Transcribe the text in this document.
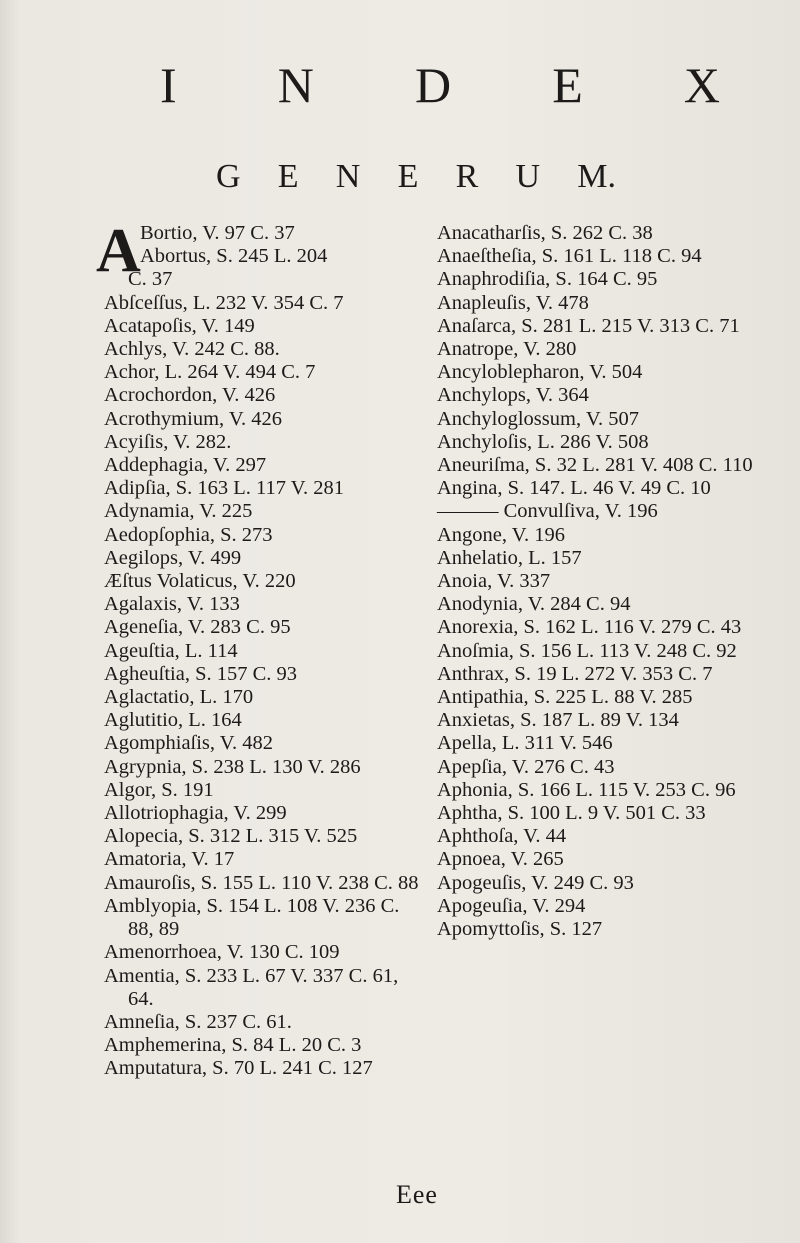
I N D E X
G E N E R U M.
A Bortio, V. 97 C. 37
Abortus, S. 245 L. 204
C. 37
Abſceſſus, L. 232 V. 354 C. 7
Acatapoſis, V. 149
Achlys, V. 242 C. 88.
Achor, L. 264 V. 494 C. 7
Acrochordon, V. 426
Acrothymium, V. 426
Acyiſis, V. 282.
Addephagia, V. 297
Adipſia, S. 163 L. 117 V. 281
Adynamia, V. 225
Aedopſophia, S. 273
Aegilops, V. 499
Æſtus Volaticus, V. 220
Agalaxis, V. 133
Ageneſia, V. 283 C. 95
Ageuſtia, L. 114
Agheuſtia, S. 157 C. 93
Aglactatio, L. 170
Aglutitio, L. 164
Agomphiaſis, V. 482
Agrypnia, S. 238 L. 130 V. 286
Algor, S. 191
Allotriophagia, V. 299
Alopecia, S. 312 L. 315 V. 525
Amatoria, V. 17
Amauroſis, S. 155 L. 110 V. 238 C. 88
Amblyopia, S. 154 L. 108 V. 236 C. 88, 89
Amenorrhoea, V. 130 C. 109
Amentia, S. 233 L. 67 V. 337 C. 61, 64.
Amneſia, S. 237 C. 61.
Amphemerina, S. 84 L. 20 C. 3
Amputatura, S. 70 L. 241 C. 127
Anacatharſis, S. 262 C. 38
Anaeſtheſia, S. 161 L. 118 C. 94
Anaphrodiſia, S. 164 C. 95
Anapleuſis, V. 478
Anaſarca, S. 281 L. 215 V. 313 C. 71
Anatrope, V. 280
Ancyloblepharon, V. 504
Anchylops, V. 364
Anchyloglossum, V. 507
Anchyloſis, L. 286 V. 508
Aneuriſma, S. 32 L. 281 V. 408 C. 110
Angina, S. 147. L. 46 V. 49 C. 10
——— Convulſiva, V. 196
Angone, V. 196
Anhelatio, L. 157
Anoia, V. 337
Anodynia, V. 284 C. 94
Anorexia, S. 162 L. 116 V. 279 C. 43
Anoſmia, S. 156 L. 113 V. 248 C. 92
Anthrax, S. 19 L. 272 V. 353 C. 7
Antipathia, S. 225 L. 88 V. 285
Anxietas, S. 187 L. 89 V. 134
Apella, L. 311 V. 546
Apepſia, V. 276 C. 43
Aphonia, S. 166 L. 115 V. 253 C. 96
Aphtha, S. 100 L. 9 V. 501 C. 33
Aphthoſa, V. 44
Apnoea, V. 265
Apogeuſis, V. 249 C. 93
Apogeuſia, V. 294
Apomyttoſis, S. 127
Eee
